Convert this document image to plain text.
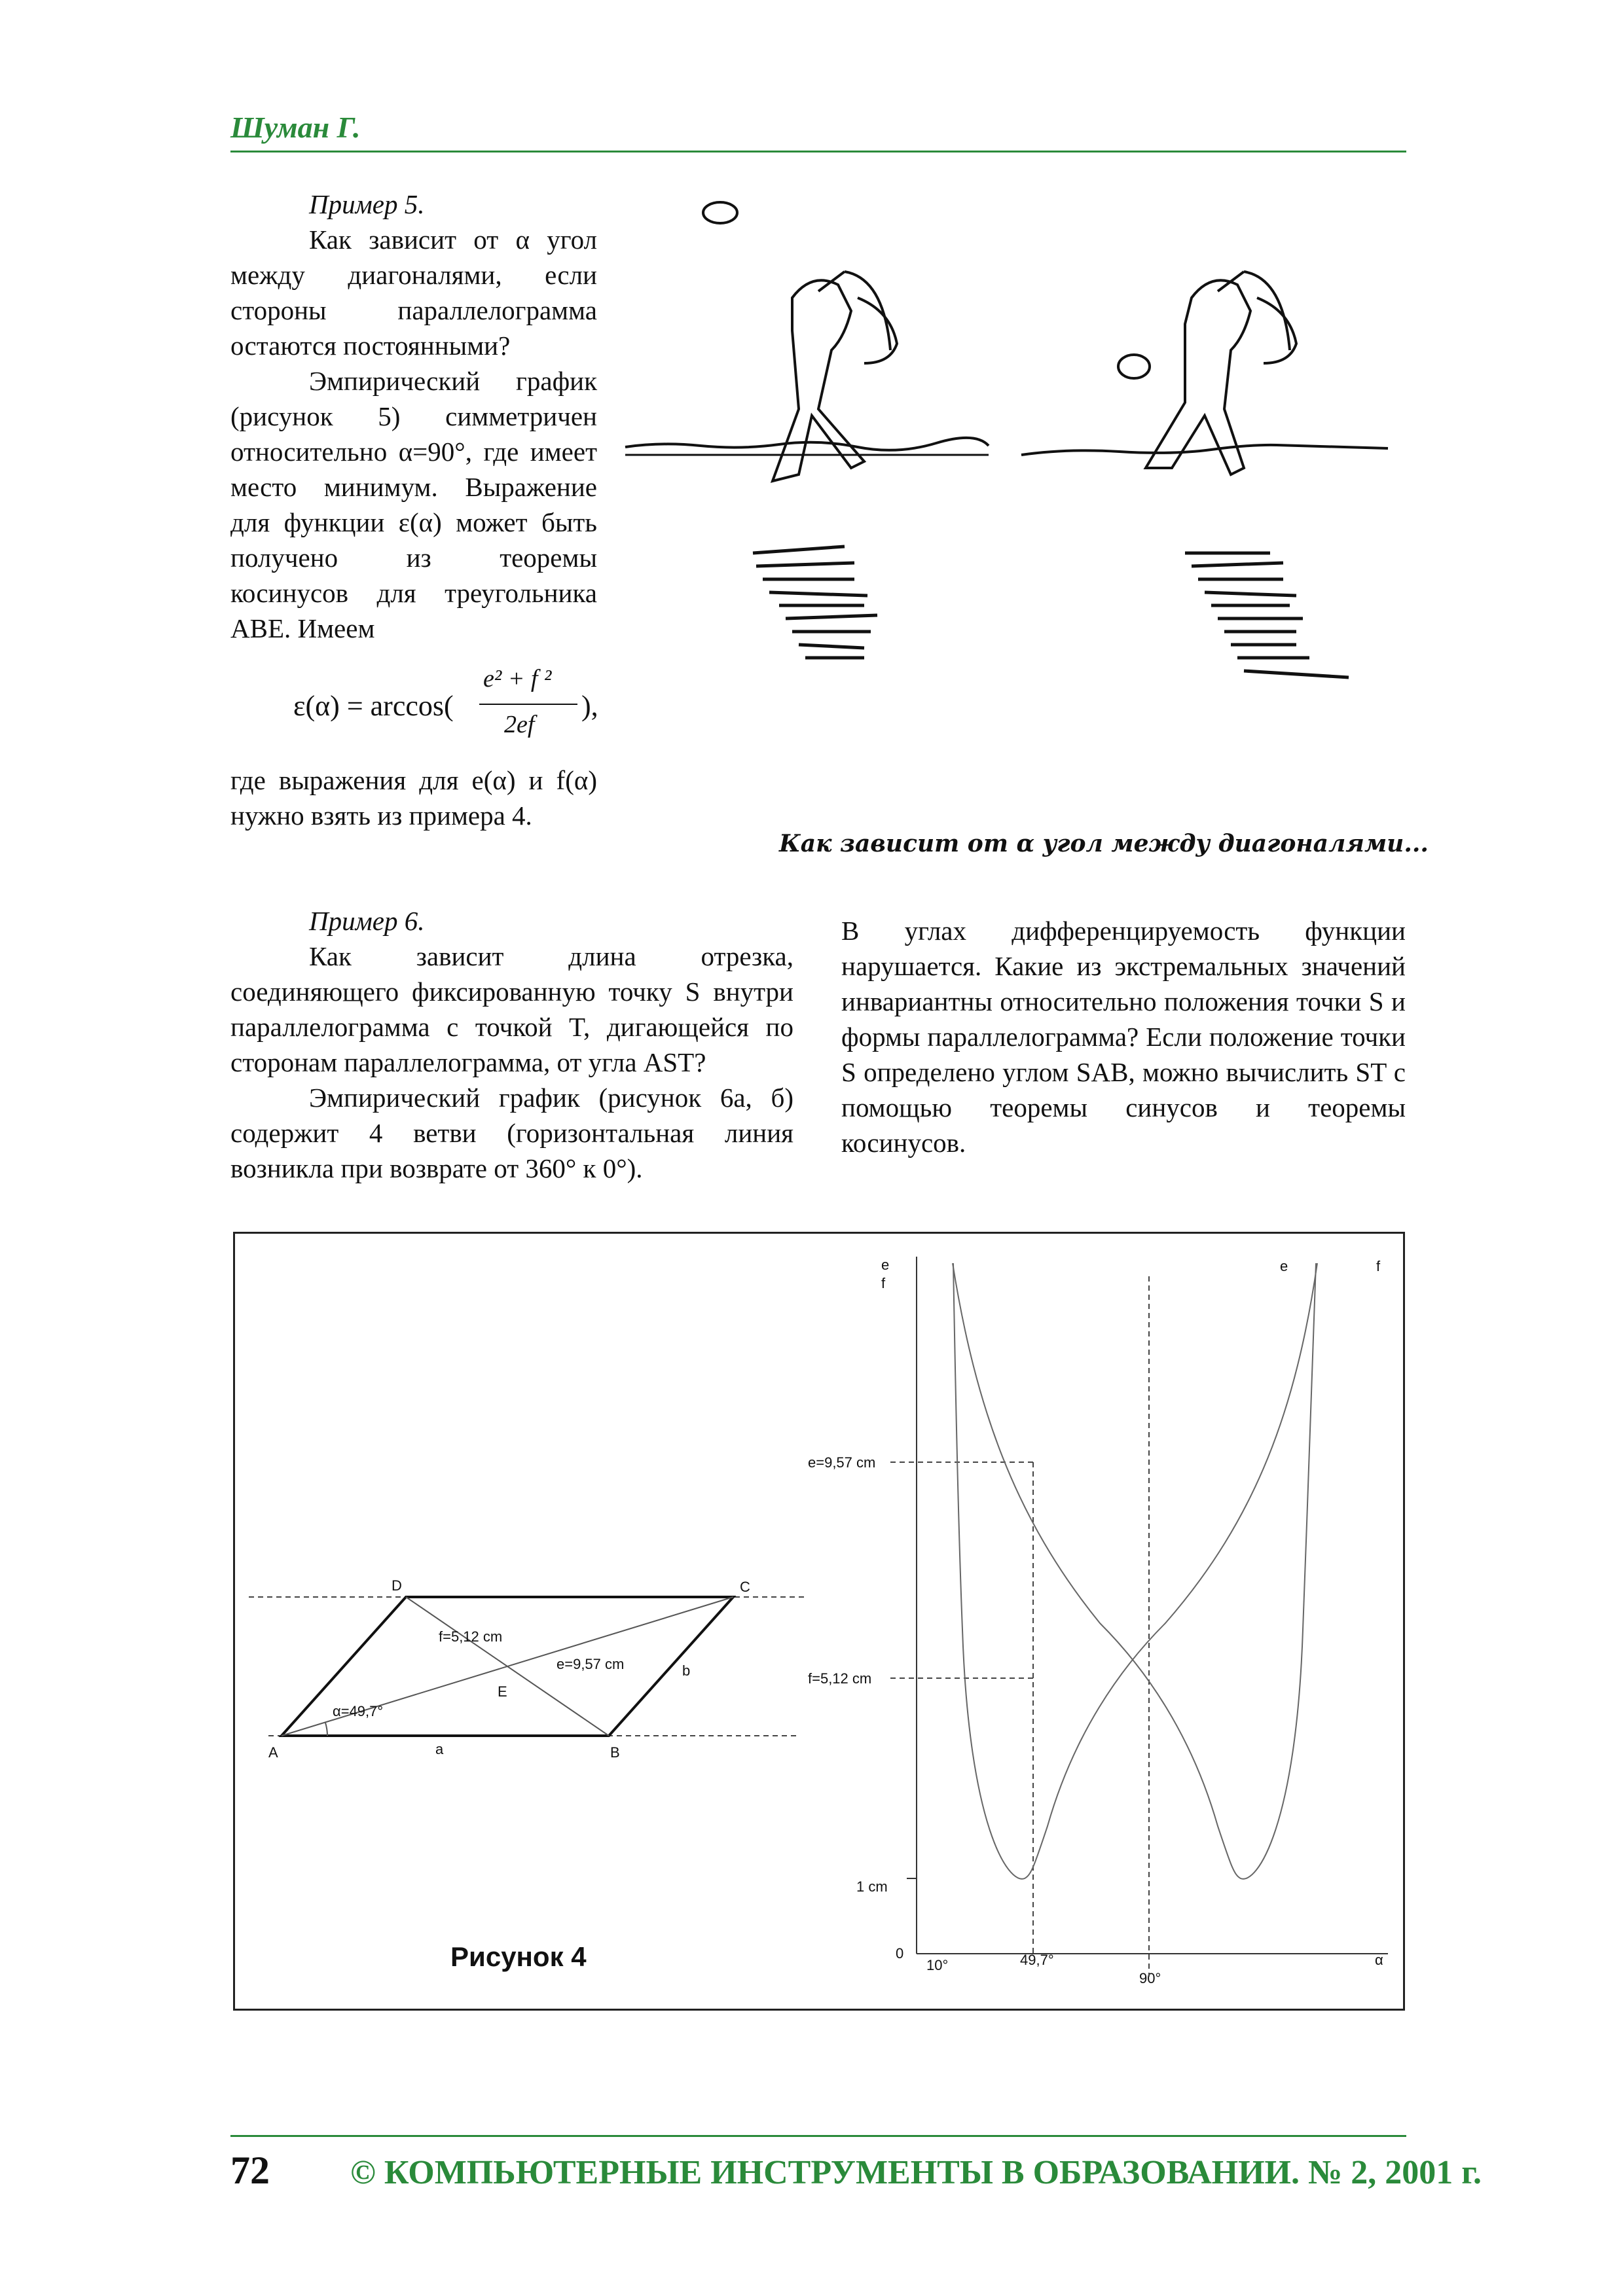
Шуман Г.
Пример 5.
Как зависит от α угол между диагоналями, если стороны параллелограмма остаются постоянными?
Эмпирический график (рисунок 5) симметричен относительно α=90°, где имеет место минимум. Выражение для функции ε(α) может быть получено из теоремы косинусов для треугольника ABE. Имеем
ε(α) = arccos(
e² + f ²
2ef
),
где выражения для e(α) и f(α) нужно взять из примера 4.
Как зависит от α угол между диагоналями...
Пример 6.
Как зависит длина отрезка, соединяющего фиксированную точку S внутри параллелограмма с точкой T, дигающейся по сторонам параллелограмма, от угла AST?
Эмпирический график (рисунок 6а, б) содержит 4 ветви (горизонтальная линия возникла при возврате от 360° к 0°).
В углах дифференцируемость функции нарушается. Какие из экстремальных значений инвариантны относительно положения точки S и формы параллелограмма? Если положение точки S определено углом SAB, можно вычислить ST с помощью теоремы синусов и теоремы косинусов.
D	C
A	B
E
a
b
f=5,12 cm
e=9,57 cm
α=49,7°
Рисунок 4
e
f
e	f
e=9,57 cm
f=5,12 cm
1 cm
0
10°	49,7°
90°
α
72 © КОМПЬЮТЕРНЫЕ ИНСТРУМЕНТЫ В ОБРАЗОВАНИИ. № 2, 2001 г.
